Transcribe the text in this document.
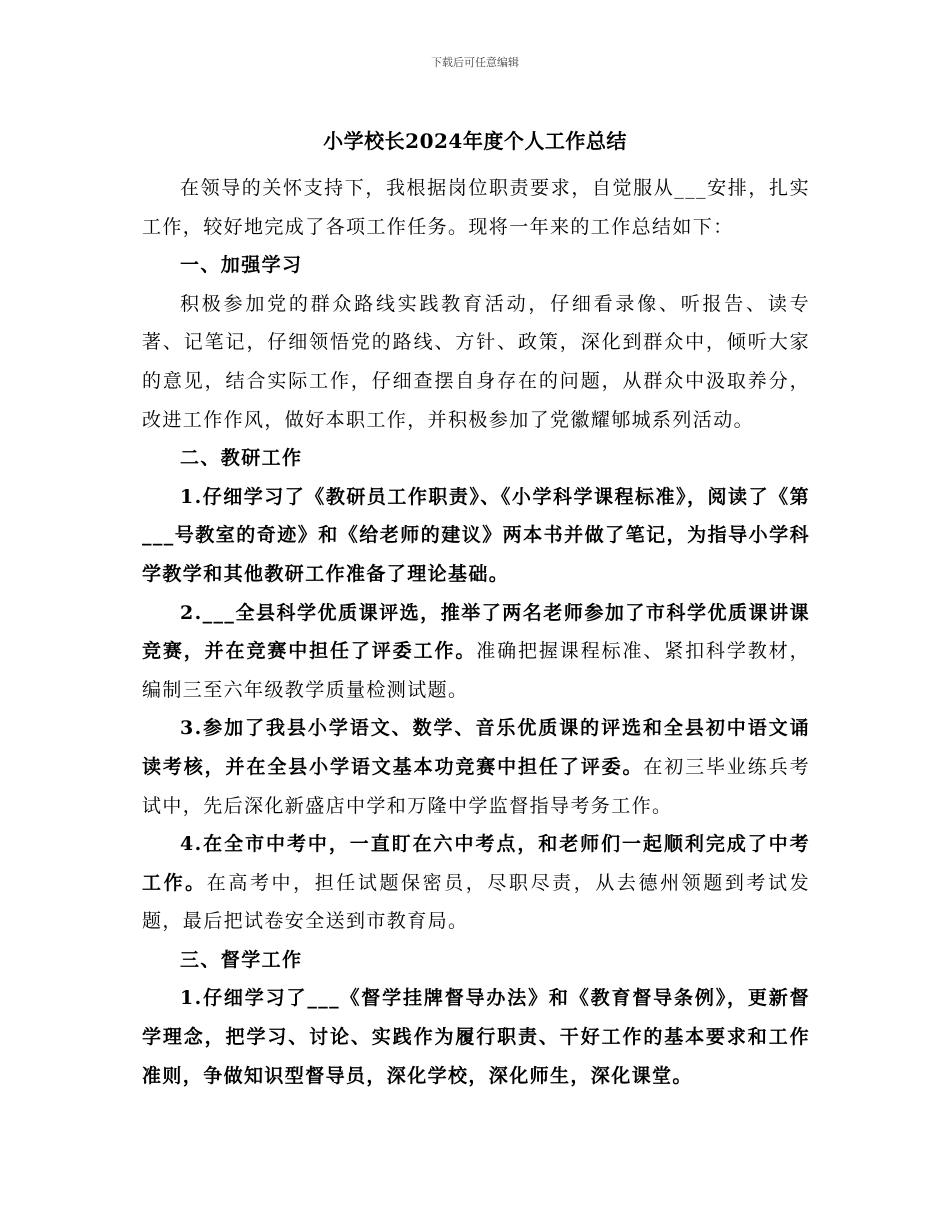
下载后可任意编辑
小学校长2024年度个人工作总结

在领导的关怀支持下，我根据岗位职责要求，自觉服从___安排，扎实工作，较好地完成了各项工作任务。现将一年来的工作总结如下：

一、加强学习

积极参加党的群众路线实践教育活动，仔细看录像、听报告、读专著、记笔记，仔细领悟党的路线、方针、政策，深化到群众中，倾听大家的意见，结合实际工作，仔细查摆自身存在的问题，从群众中汲取养分，改进工作作风，做好本职工作，并积极参加了党徽耀郇城系列活动。

二、教研工作

1.仔细学习了《教研员工作职责》、《小学科学课程标准》，阅读了《第___号教室的奇迹》和《给老师的建议》两本书并做了笔记，为指导小学科学教学和其他教研工作准备了理论基础。

2.___全县科学优质课评选，推举了两名老师参加了市科学优质课讲课竞赛，并在竞赛中担任了评委工作。准确把握课程标准、紧扣科学教材，编制三至六年级教学质量检测试题。

3.参加了我县小学语文、数学、音乐优质课的评选和全县初中语文诵读考核，并在全县小学语文基本功竞赛中担任了评委。在初三毕业练兵考试中，先后深化新盛店中学和万隆中学监督指导考务工作。

4.在全市中考中，一直盯在六中考点，和老师们一起顺利完成了中考工作。在高考中，担任试题保密员，尽职尽责，从去德州领题到考试发题，最后把试卷安全送到市教育局。

三、督学工作

1.仔细学习了___《督学挂牌督导办法》和《教育督导条例》，更新督学理念，把学习、讨论、实践作为履行职责、干好工作的基本要求和工作准则，争做知识型督导员，深化学校，深化师生，深化课堂。
